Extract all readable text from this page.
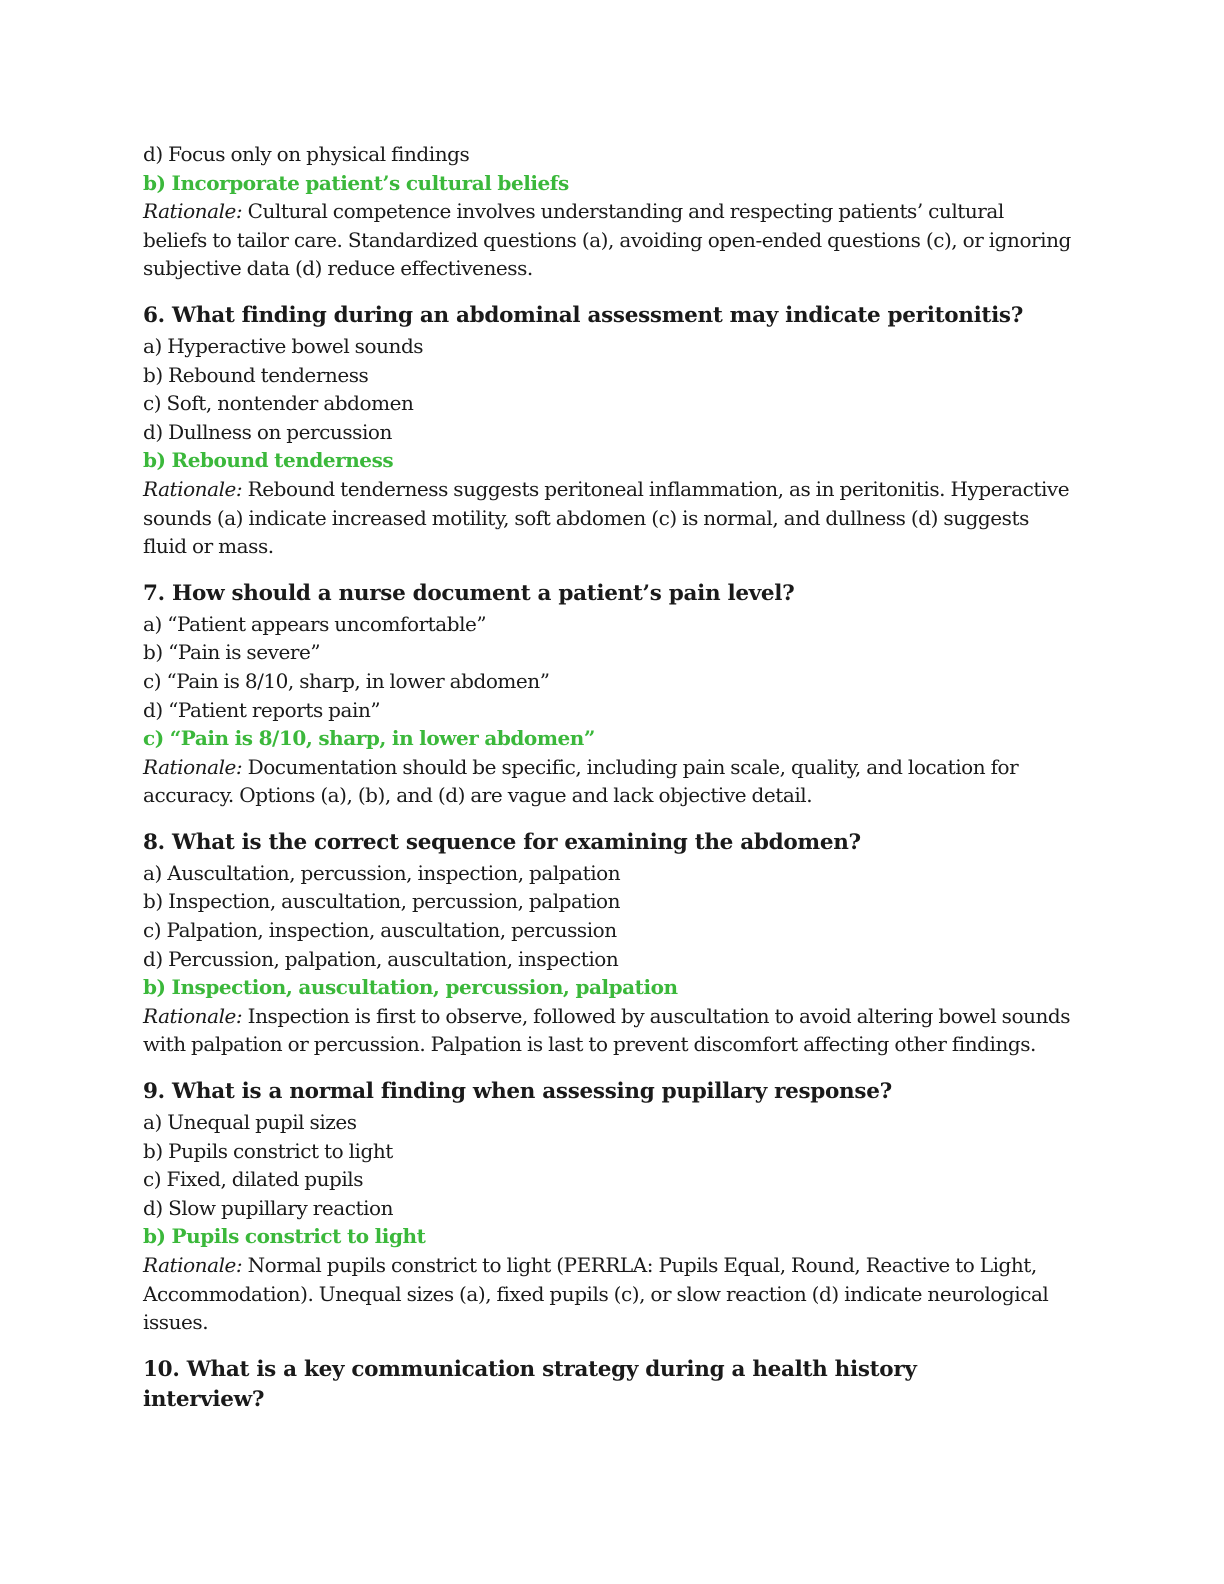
d) Focus only on physical findings
b) Incorporate patient’s cultural beliefs
Rationale: Cultural competence involves understanding and respecting patients’ cultural beliefs to tailor care. Standardized questions (a), avoiding open-ended questions (c), or ignoring subjective data (d) reduce effectiveness.
6. What finding during an abdominal assessment may indicate peritonitis?
a) Hyperactive bowel sounds
b) Rebound tenderness
c) Soft, nontender abdomen
d) Dullness on percussion
b) Rebound tenderness
Rationale: Rebound tenderness suggests peritoneal inflammation, as in peritonitis. Hyperactive sounds (a) indicate increased motility, soft abdomen (c) is normal, and dullness (d) suggests fluid or mass.
7. How should a nurse document a patient’s pain level?
a) “Patient appears uncomfortable”
b) “Pain is severe”
c) “Pain is 8/10, sharp, in lower abdomen”
d) “Patient reports pain”
c) “Pain is 8/10, sharp, in lower abdomen”
Rationale: Documentation should be specific, including pain scale, quality, and location for accuracy. Options (a), (b), and (d) are vague and lack objective detail.
8. What is the correct sequence for examining the abdomen?
a) Auscultation, percussion, inspection, palpation
b) Inspection, auscultation, percussion, palpation
c) Palpation, inspection, auscultation, percussion
d) Percussion, palpation, auscultation, inspection
b) Inspection, auscultation, percussion, palpation
Rationale: Inspection is first to observe, followed by auscultation to avoid altering bowel sounds with palpation or percussion. Palpation is last to prevent discomfort affecting other findings.
9. What is a normal finding when assessing pupillary response?
a) Unequal pupil sizes
b) Pupils constrict to light
c) Fixed, dilated pupils
d) Slow pupillary reaction
b) Pupils constrict to light
Rationale: Normal pupils constrict to light (PERRLA: Pupils Equal, Round, Reactive to Light, Accommodation). Unequal sizes (a), fixed pupils (c), or slow reaction (d) indicate neurological issues.
10. What is a key communication strategy during a health history interview?
